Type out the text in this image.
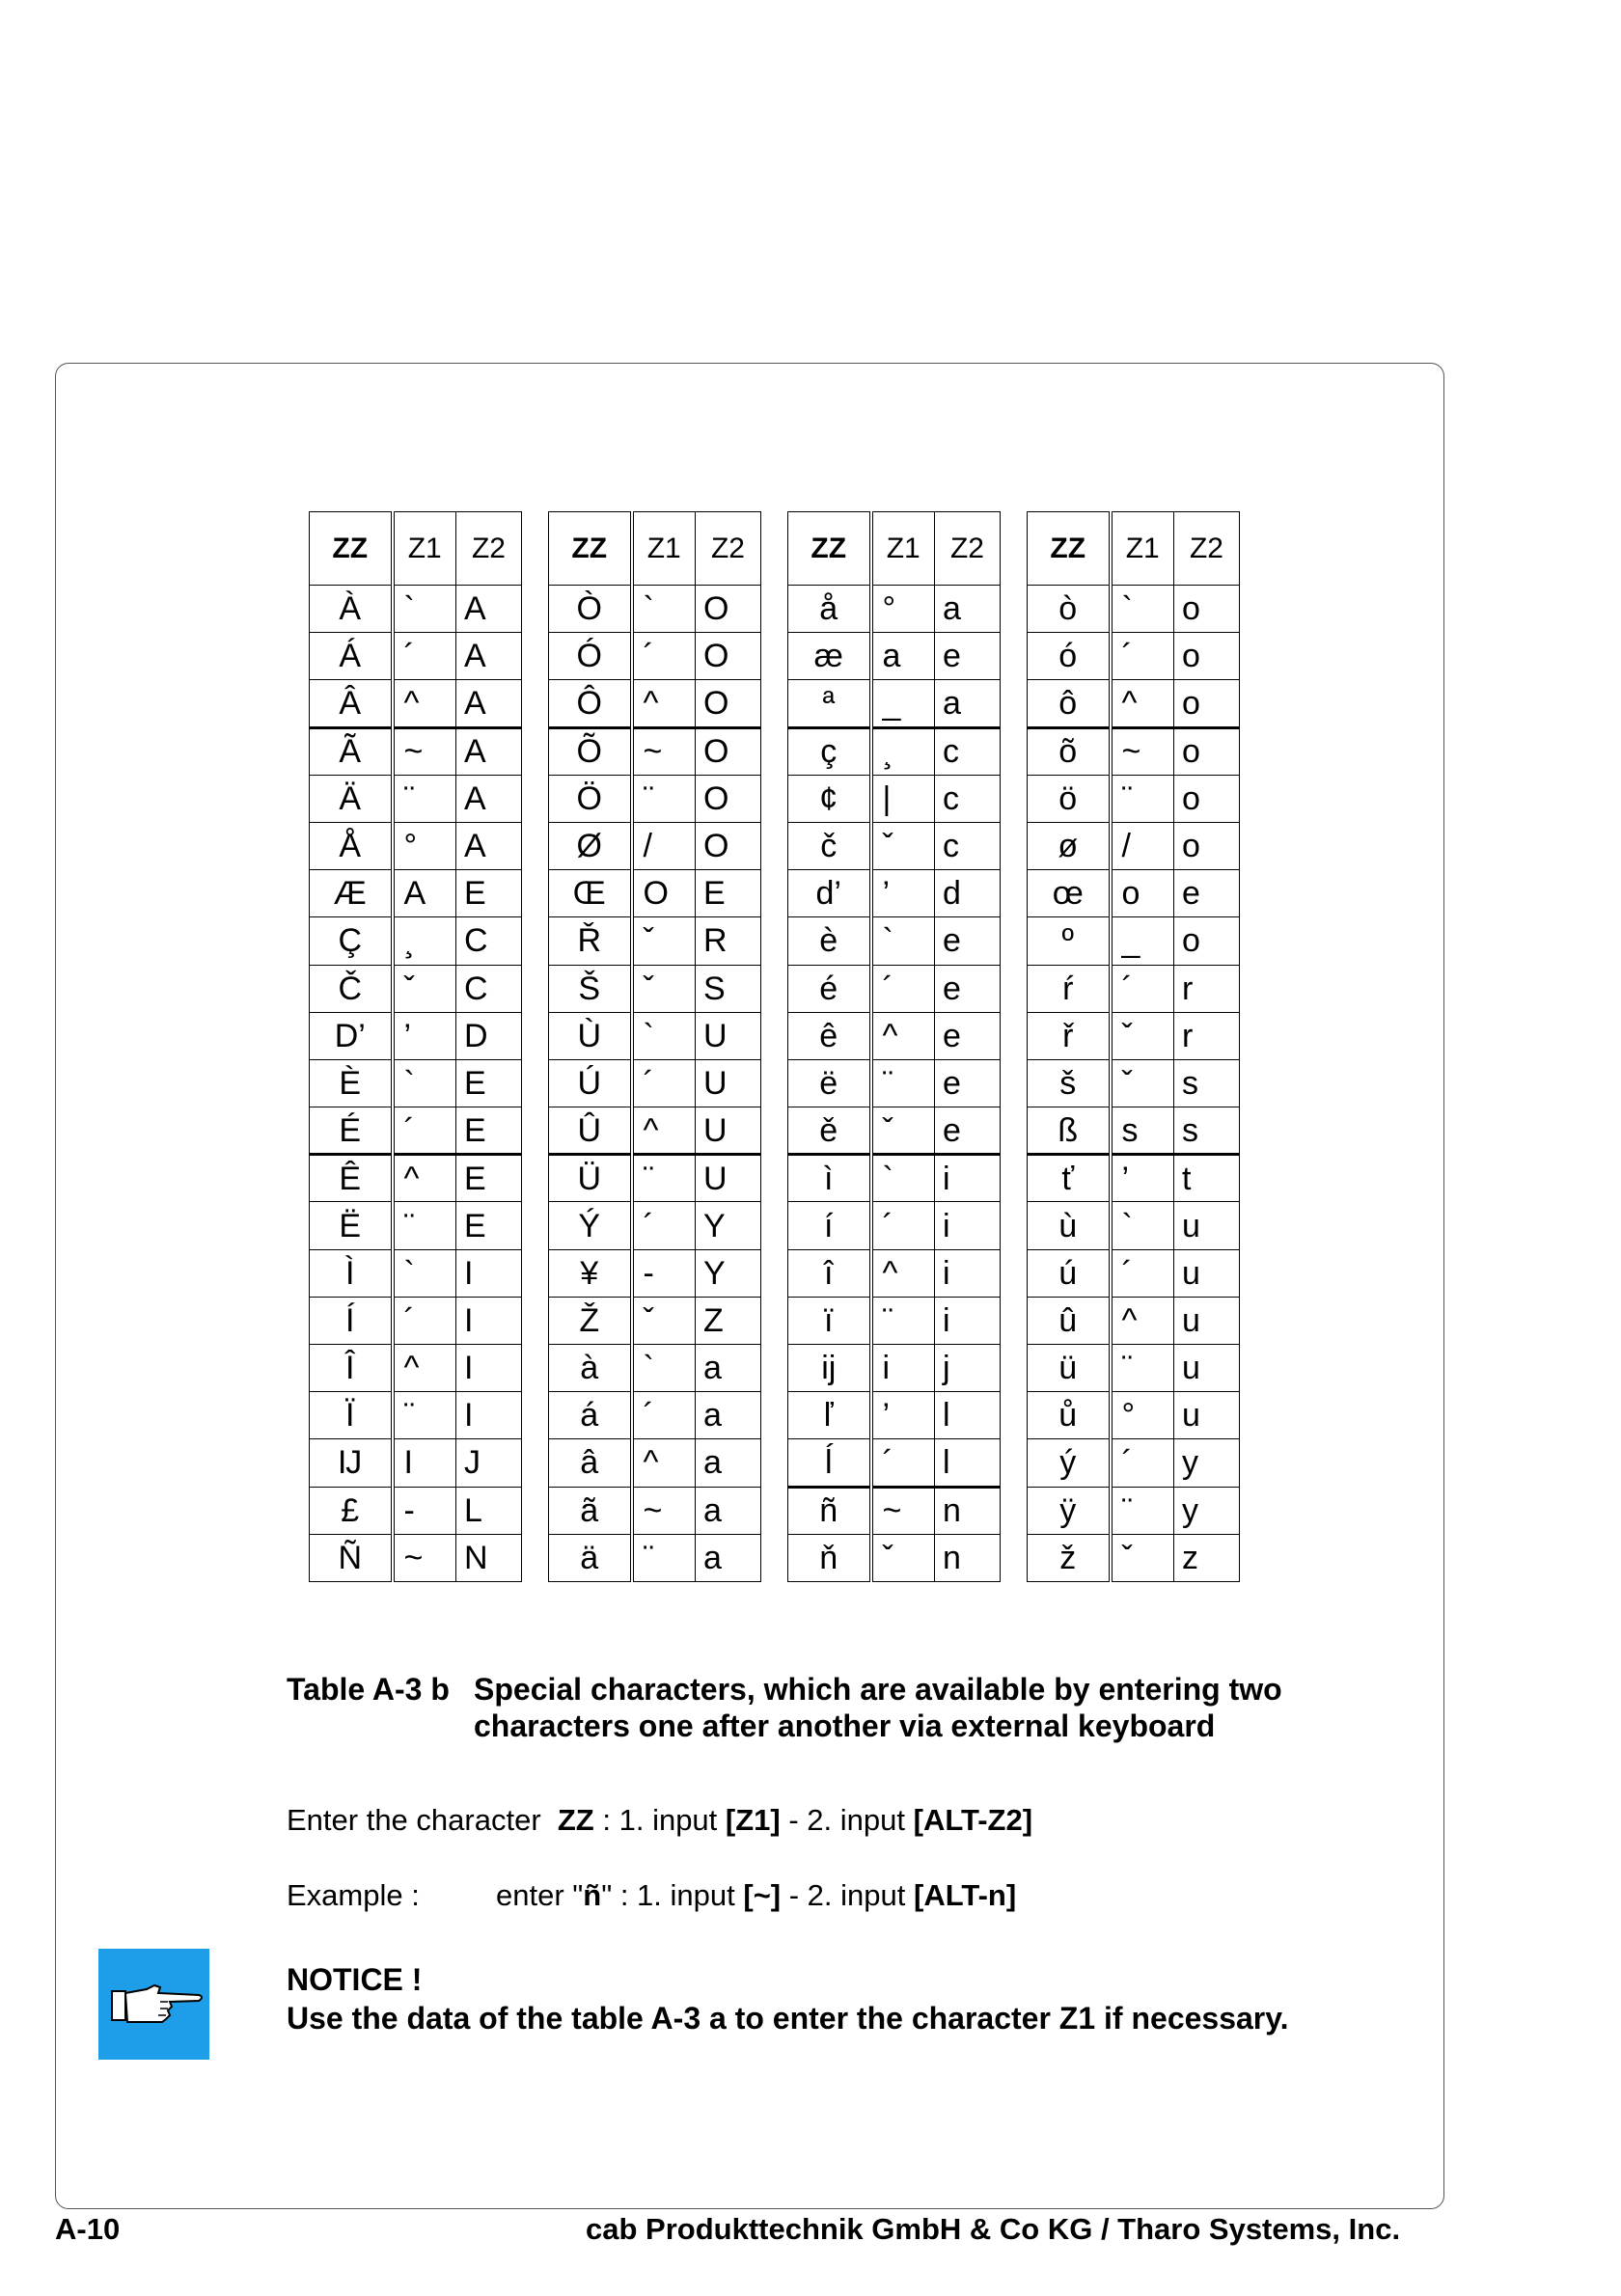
ZZ	Z1	Z2
À	`	A
Á	´	A
Â	^	A
Ã	~	A
Ä	¨	A
Å	°	A
Æ	A	E
Ç	¸	C
Č	ˇ	C
D’	’	D
È	`	E
É	´	E
Ê	^	E
Ë	¨	E
Ì	`	I
Í	´	I
Î	^	I
Ï	¨	I
Ĳ	I	J
£	-	L
Ñ	~	N
ZZ	Z1	Z2
Ò	`	O
Ó	´	O
Ô	^	O
Õ	~	O
Ö	¨	O
Ø	/	O
Œ	O	E
Ř	ˇ	R
Š	ˇ	S
Ù	`	U
Ú	´	U
Û	^	U
Ü	¨	U
Ý	´	Y
¥	-	Y
Ž	ˇ	Z
à	`	a
á	´	a
â	^	a
ã	~	a
ä	¨	a
ZZ	Z1	Z2
å	°	a
æ	a	e
ª	_	a
ç	¸	c
¢	|	c
č	ˇ	c
d’	’	d
è	`	e
é	´	e
ê	^	e
ë	¨	e
ě	ˇ	e
ì	`	i
í	´	i
î	^	i
ï	¨	i
ĳ	i	j
ľ	’	l
ĺ	´	l
ñ	~	n
ň	ˇ	n
ZZ	Z1	Z2
ò	`	o
ó	´	o
ô	^	o
õ	~	o
ö	¨	o
ø	/	o
œ	o	e
º	_	o
ŕ	´	r
ř	ˇ	r
š	ˇ	s
ß	s	s
ť	’	t
ù	`	u
ú	´	u
û	^	u
ü	¨	u
ů	°	u
ý	´	y
ÿ	¨	y
ž	ˇ	z
Table A-3 b Special characters, which are available by entering two characters one after another via external keyboard
Enter the character ZZ : 1. input [Z1] - 2. input [ALT-Z2]
Example :	enter "ñ" : 1. input [~] - 2. input [ALT-n]
NOTICE !
Use the data of the table A-3 a to enter the character Z1 if necessary.
A-10	cab Produkttechnik GmbH & Co KG / Tharo Systems, Inc.
